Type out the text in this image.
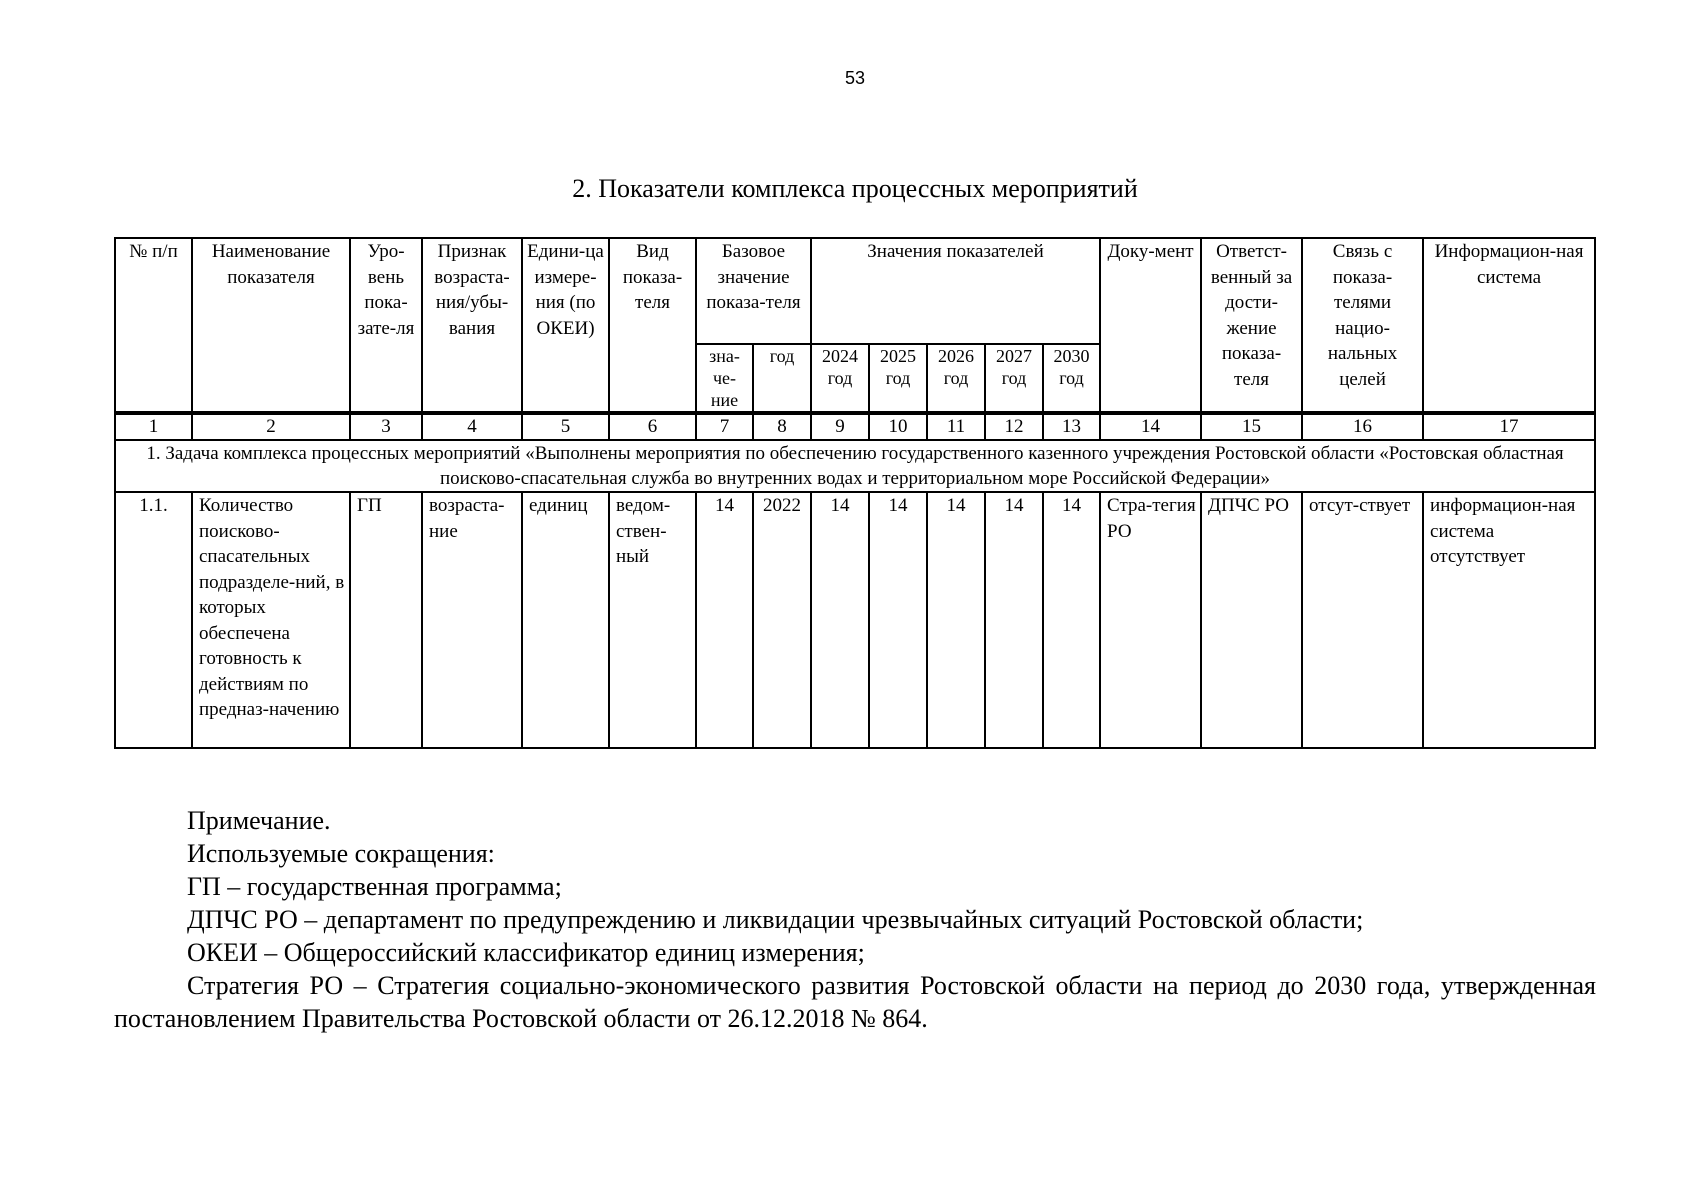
53
2. Показатели комплекса процессных мероприятий
№ п/п	Наименование показателя	Уро-вень пока-зате-ля	Признак возраста-ния/убы-вания	Едини-ца измере-ния (по ОКЕИ)	Вид показа-теля	Базовое значение показа-теля		Значения показателей					Доку-мент	Ответст-венный за дости-жение показа-теля	Связь с показа-телями нацио-нальных целей	Информацион-ная система
						зна-че-ние	год	2024 год	2025 год	2026 год	2027 год	2030 год				
1	2	3	4	5	6	7	8	9	10	11	12	13	14	15	16	17
1. Задача комплекса процессных мероприятий «Выполнены мероприятия по обеспечению государственного казенного учреждения Ростовской области «Ростовская областная поисково-спасательная служба во внутренних водах и территориальном море Российской Федерации»																
1.1.	Количество поисково-спасательных подразделе-ний, в которых обеспечена готовность к действиям по предназ-начению	ГП	возраста-ние	единиц	ведом-ствен-ный	14	2022	14	14	14	14	14	Стра-тегия РО	ДПЧС РО	отсут-ствует	информацион-ная система отсутствует

Примечание.

Используемые сокращения:

ГП – государственная программа;

ДПЧС РО – департамент по предупреждению и ликвидации чрезвычайных ситуаций Ростовской области;

ОКЕИ – Общероссийский классификатор единиц измерения;

Стратегия РО – Стратегия социально-экономического развития Ростовской области на период до 2030 года, утвержденная постановлением Правительства Ростовской области от 26.12.2018 № 864.
